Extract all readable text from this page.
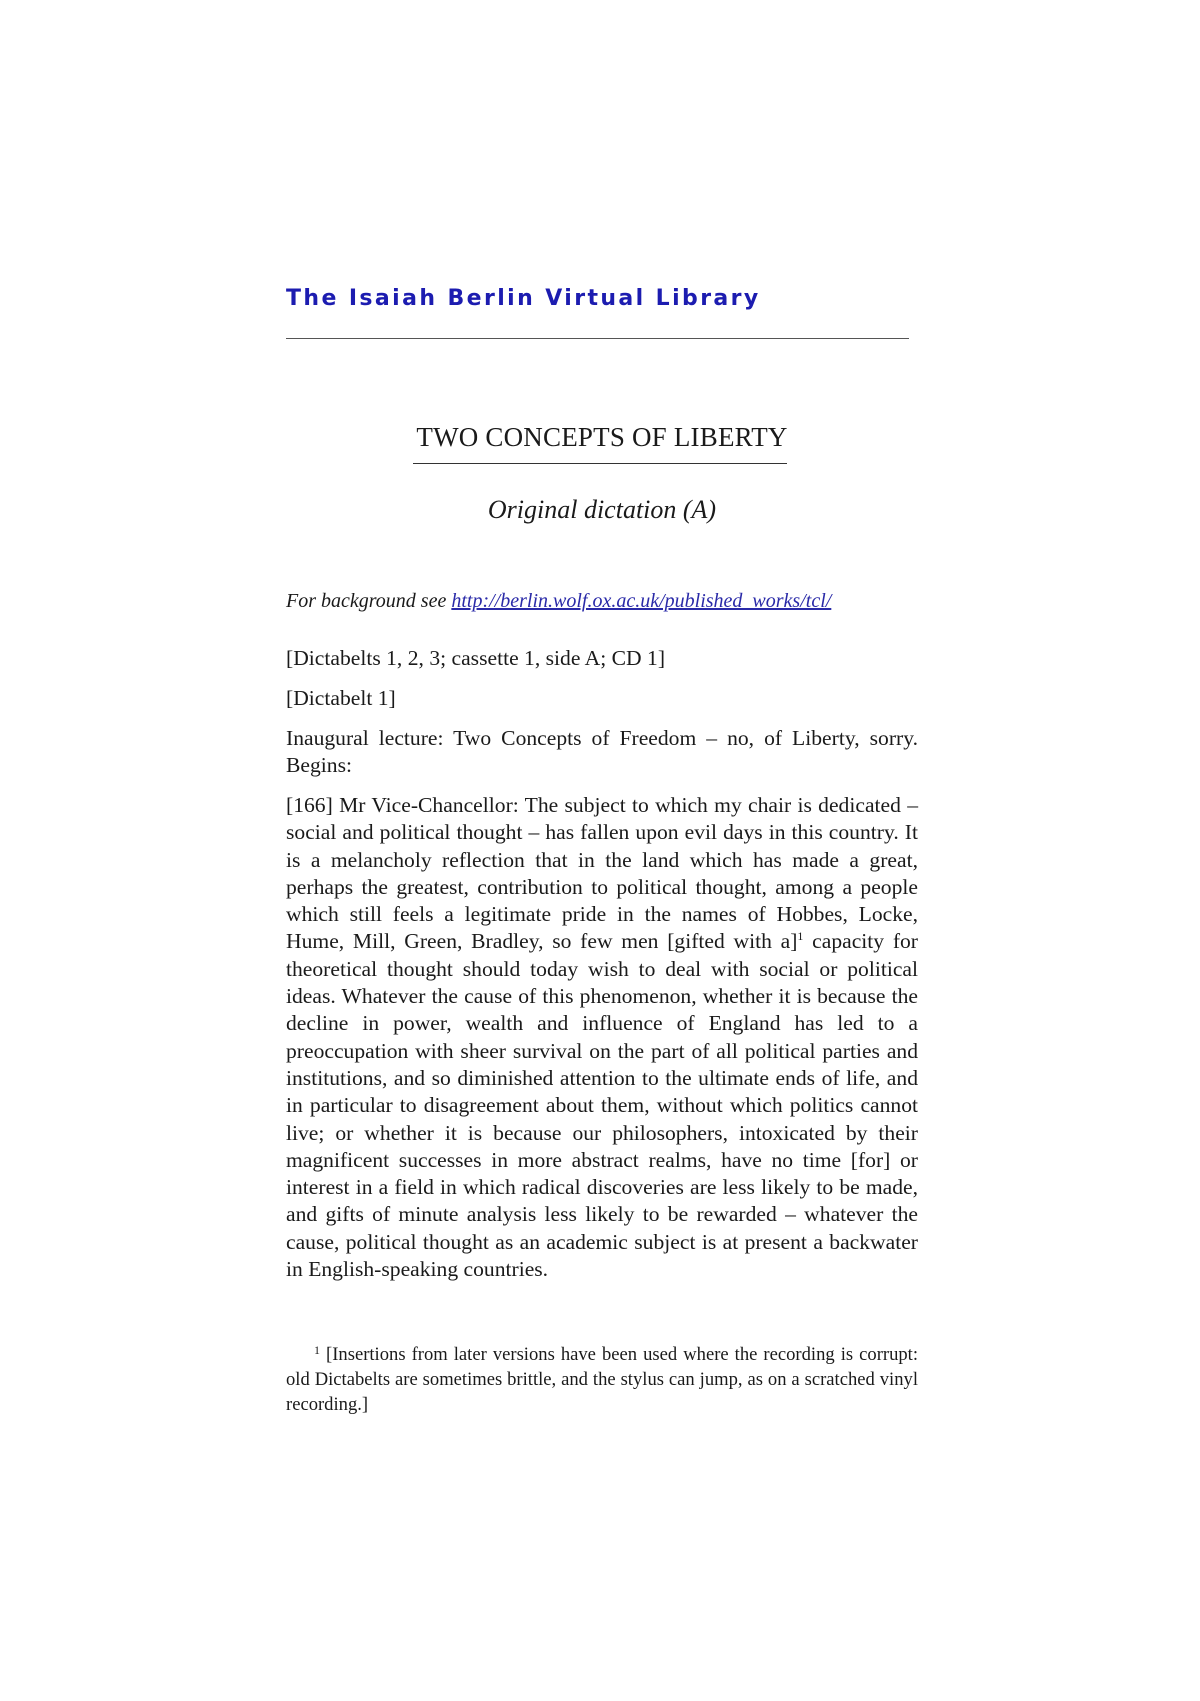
The Isaiah Berlin Virtual Library
TWO CONCEPTS OF LIBERTY
Original dictation (A)
For background see http://berlin.wolf.ox.ac.uk/published_works/tcl/

[Dictabelts 1, 2, 3; cassette 1, side A; CD 1]

[Dictabelt 1]

Inaugural lecture: Two Concepts of Freedom – no, of Liberty, sorry. Begins:

[166] Mr Vice-Chancellor: The subject to which my chair is dedicated – social and political thought – has fallen upon evil days in this country. It is a melancholy reflection that in the land which has made a great, perhaps the greatest, contribution to political thought, among a people which still feels a legitimate pride in the names of Hobbes, Locke, Hume, Mill, Green, Bradley, so few men [gifted with a]$^1$ capacity for theoretical thought should today wish to deal with social or political ideas. Whatever the cause of this phenomenon, whether it is because the decline in power, wealth and influence of England has led to a preoccupation with sheer survival on the part of all political parties and institutions, and so diminished attention to the ultimate ends of life, and in particular to disagreement about them, without which politics cannot live; or whether it is because our philosophers, intoxicated by their magnificent successes in more abstract realms, have no time [for] or interest in a field in which radical discoveries are less likely to be made, and gifts of minute analysis less likely to be rewarded – whatever the cause, political thought as an academic subject is at present a backwater in English-speaking countries.

$^1$ [Insertions from later versions have been used where the recording is corrupt: old Dictabelts are sometimes brittle, and the stylus can jump, as on a scratched vinyl recording.]
